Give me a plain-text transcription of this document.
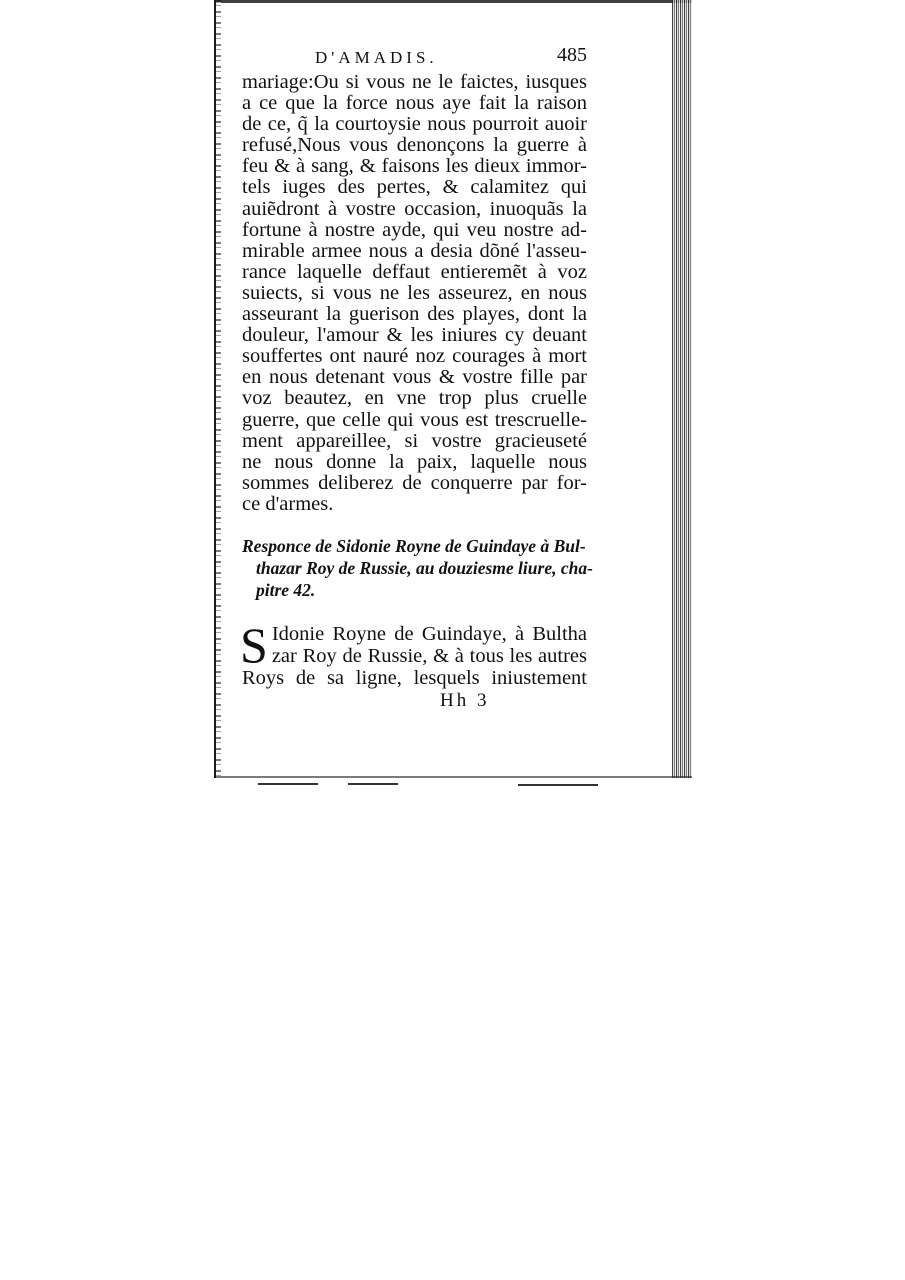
D'AMADIS.	485

mariage:Ou si vous ne le faictes, iusques
a ce que la force nous aye fait la raison
de ce, q̃ la courtoysie nous pourroit auoir
refusé,Nous vous denonçons la guerre à
feu & à sang, & faisons les dieux immor-
tels iuges des pertes, & calamitez qui
auiẽdront à vostre occasion, inuoquãs la
fortune à nostre ayde, qui veu nostre ad-
mirable armee nous a desia dõné l'asseu-
rance laquelle deffaut entieremẽt à voz
suiects, si vous ne les asseurez, en nous
asseurant la guerison des playes, dont la
douleur, l'amour & les iniures cy deuant
souffertes ont nauré noz courages à mort
en nous detenant vous & vostre fille par
voz beautez, en vne trop plus cruelle
guerre, que celle qui vous est trescruelle-
ment appareillee, si vostre gracieuseté
ne nous donne la paix, laquelle nous
sommes deliberez de conquerre par for-
ce d'armes.

Responce de Sidonie Royne de Guindaye à Bul-
thazar Roy de Russie, au douziesme liure, cha-
pitre 42.
S Idonie Royne de Guindaye, à Bultha
zar Roy de Russie, & à tous les autres
Roys de sa ligne, lesquels iniustement
Hh 3
